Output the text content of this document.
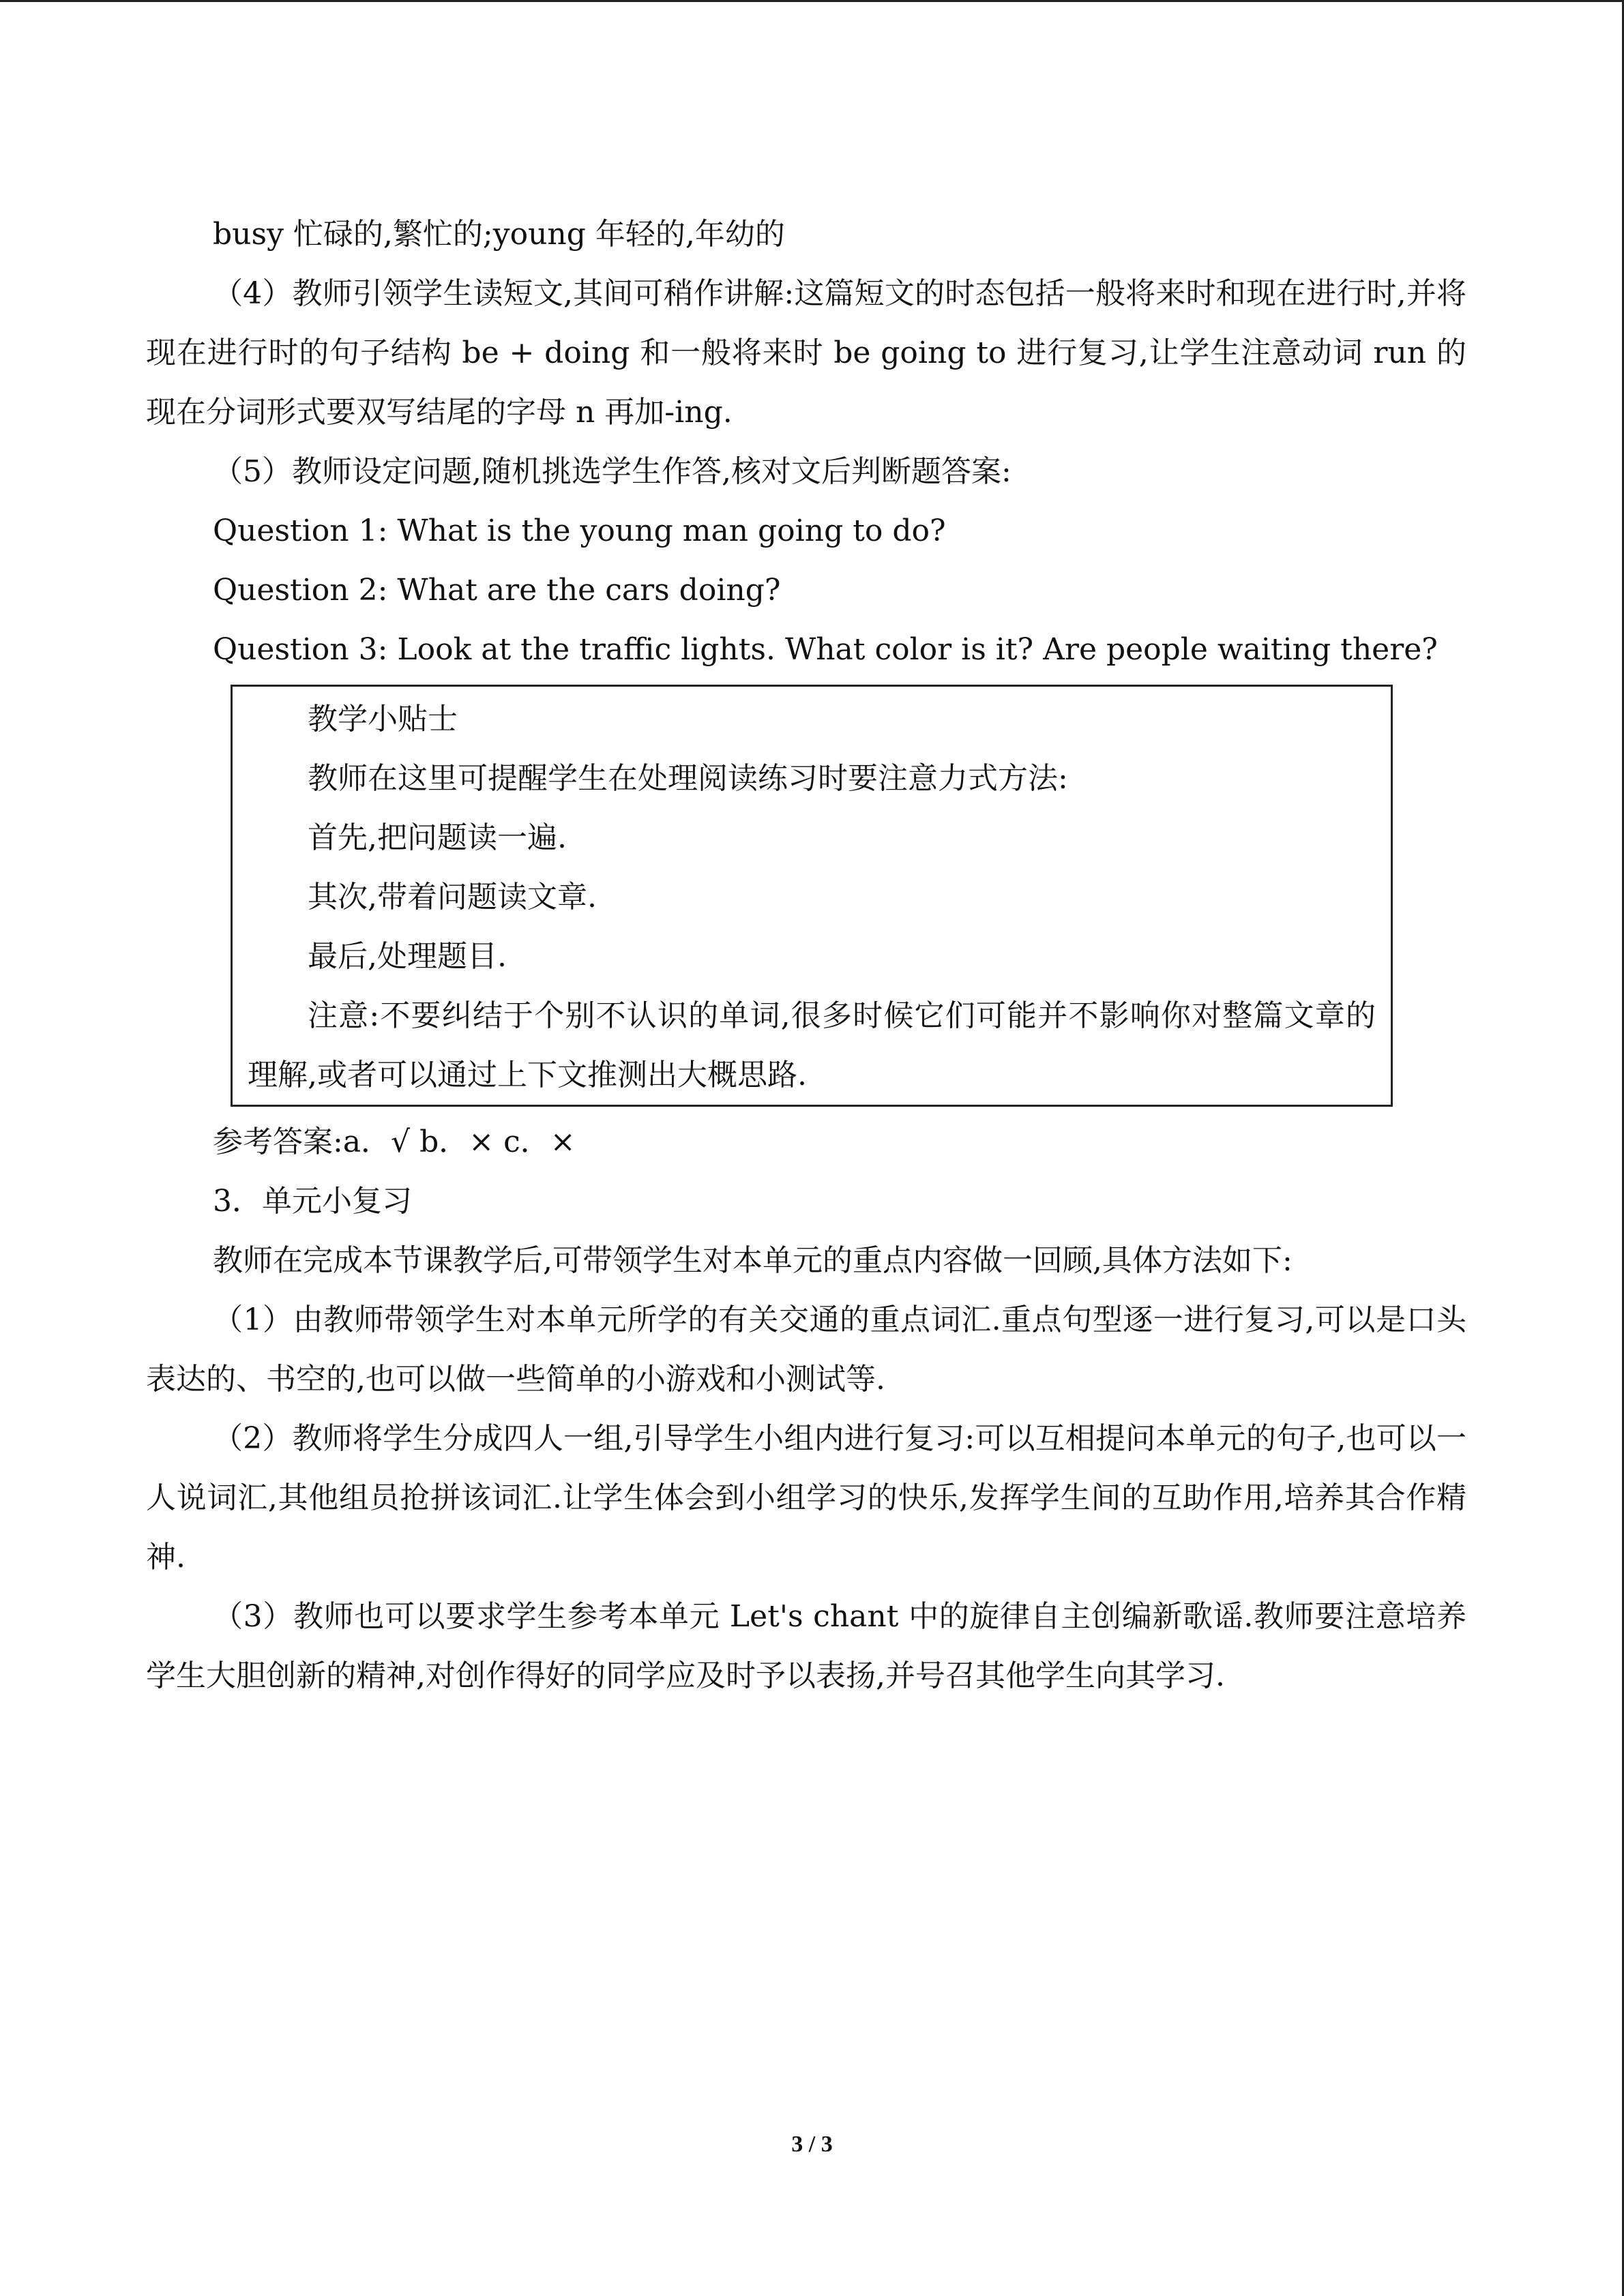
busy 忙碌的,繁忙的;young 年轻的,年幼的

（4）教师引领学生读短文,其间可稍作讲解:这篇短文的时态包括一般将来时和现在进行时,并将现在进行时的句子结构 be + doing 和一般将来时 be going to 进行复习,让学生注意动词 run 的现在分词形式要双写结尾的字母 n 再加-ing.

（5）教师设定问题,随机挑选学生作答,核对文后判断题答案:

Question 1: What is the young man going to do?

Question 2: What are the cars doing?

Question 3: Look at the traffic lights. What color is it? Are people waiting there?

教学小贴士

教师在这里可提醒学生在处理阅读练习时要注意力式方法:

首先,把问题读一遍.

其次,带着问题读文章.

最后,处理题目.

注意:不要纠结于个别不认识的单词,很多时候它们可能并不影响你对整篇文章的理解,或者可以通过上下文推测出大概思路.

参考答案:a．√ b．× c．×

3．单元小复习

教师在完成本节课教学后,可带领学生对本单元的重点内容做一回顾,具体方法如下:

（1）由教师带领学生对本单元所学的有关交通的重点词汇.重点句型逐一进行复习,可以是口头表达的、书空的,也可以做一些简单的小游戏和小测试等.

（2）教师将学生分成四人一组,引导学生小组内进行复习:可以互相提问本单元的句子,也可以一人说词汇,其他组员抢拼该词汇.让学生体会到小组学习的快乐,发挥学生间的互助作用,培养其合作精神.

（3）教师也可以要求学生参考本单元 Let's chant 中的旋律自主创编新歌谣.教师要注意培养学生大胆创新的精神,对创作得好的同学应及时予以表扬,并号召其他学生向其学习.

3 / 3
